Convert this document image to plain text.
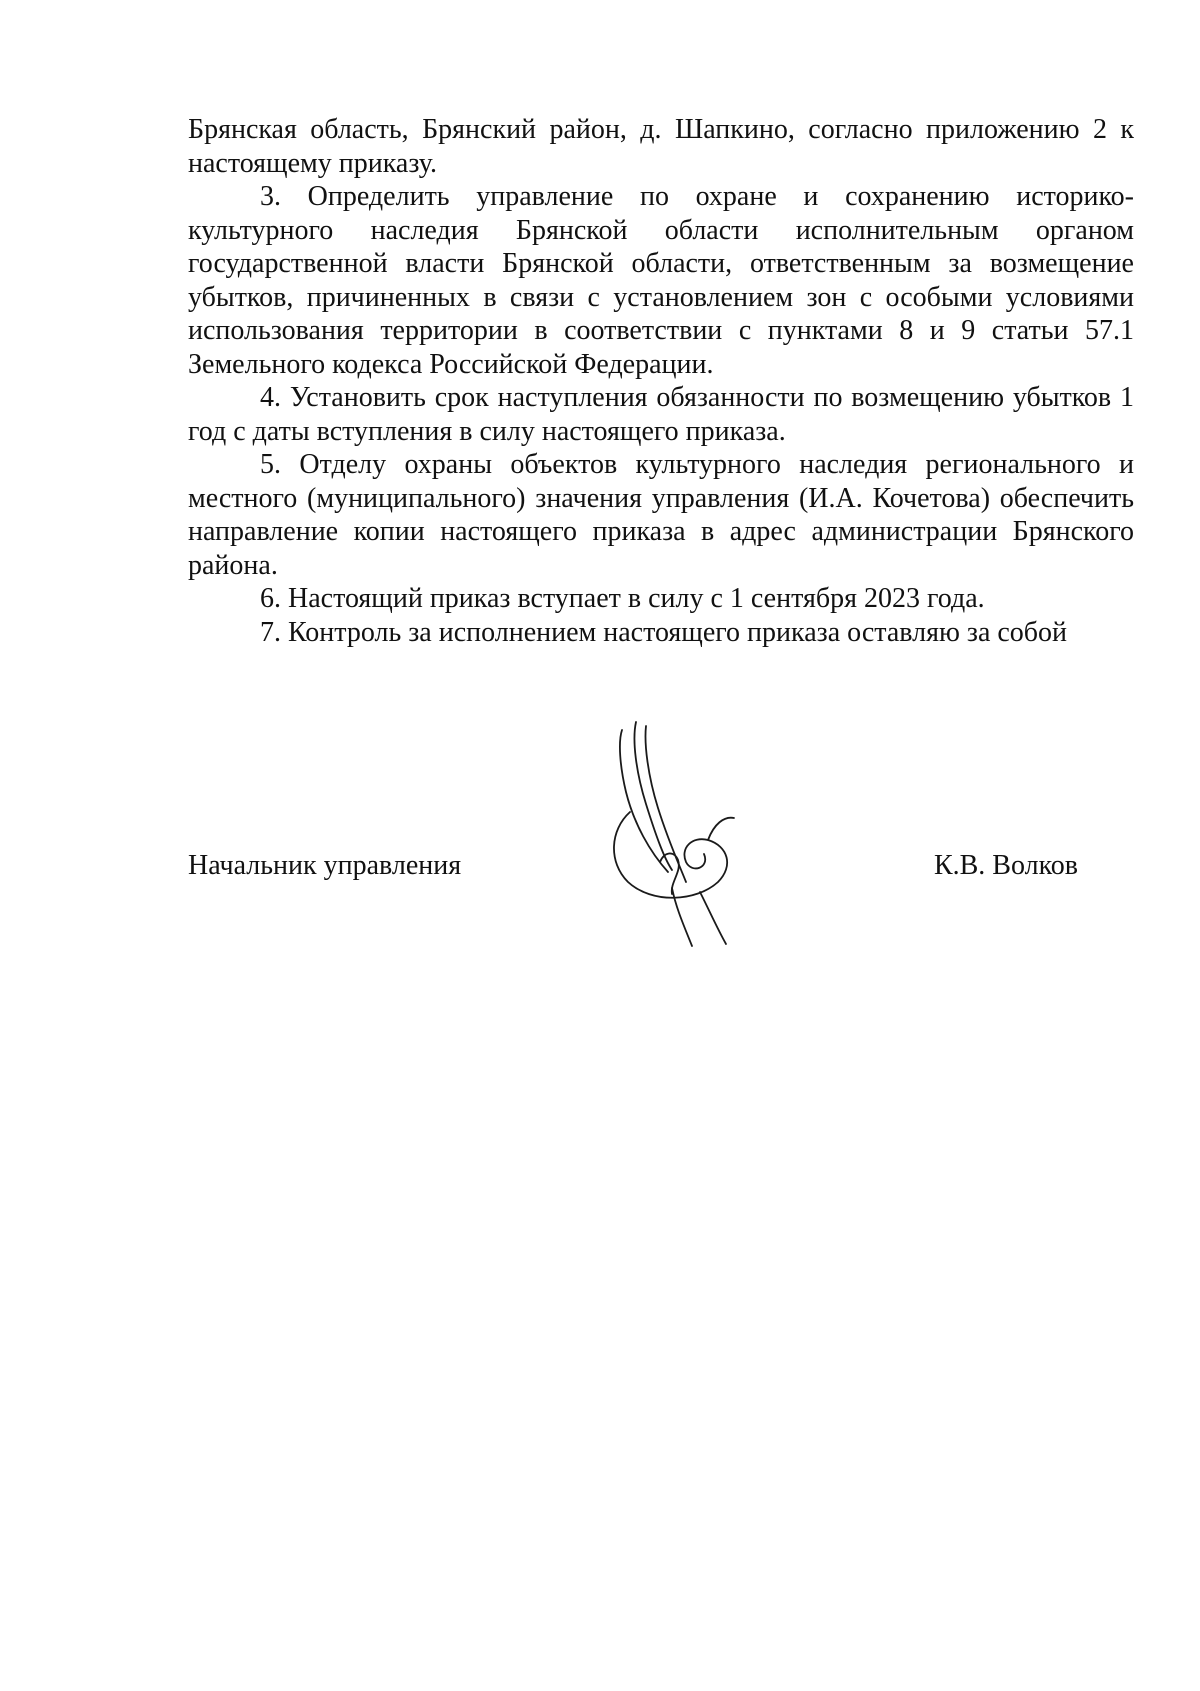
Брянская область, Брянский район, д. Шапкино, согласно приложению 2 к настоящему приказу.

3. Определить управление по охране и сохранению историко-культурного наследия Брянской области исполнительным органом государственной власти Брянской области, ответственным за возмещение убытков, причиненных в связи с установлением зон с особыми условиями использования территории в соответствии с пунктами 8 и 9 статьи 57.1 Земельного кодекса Российской Федерации.

4. Установить срок наступления обязанности по возмещению убытков 1 год с даты вступления в силу настоящего приказа.

5. Отделу охраны объектов культурного наследия регионального и местного (муниципального) значения управления (И.А. Кочетова) обеспечить направление копии настоящего приказа в адрес администрации Брянского района.

6. Настоящий приказ вступает в силу с 1 сентября 2023 года.

7. Контроль за исполнением настоящего приказа оставляю за собой

Начальник управления	К.В. Волков
